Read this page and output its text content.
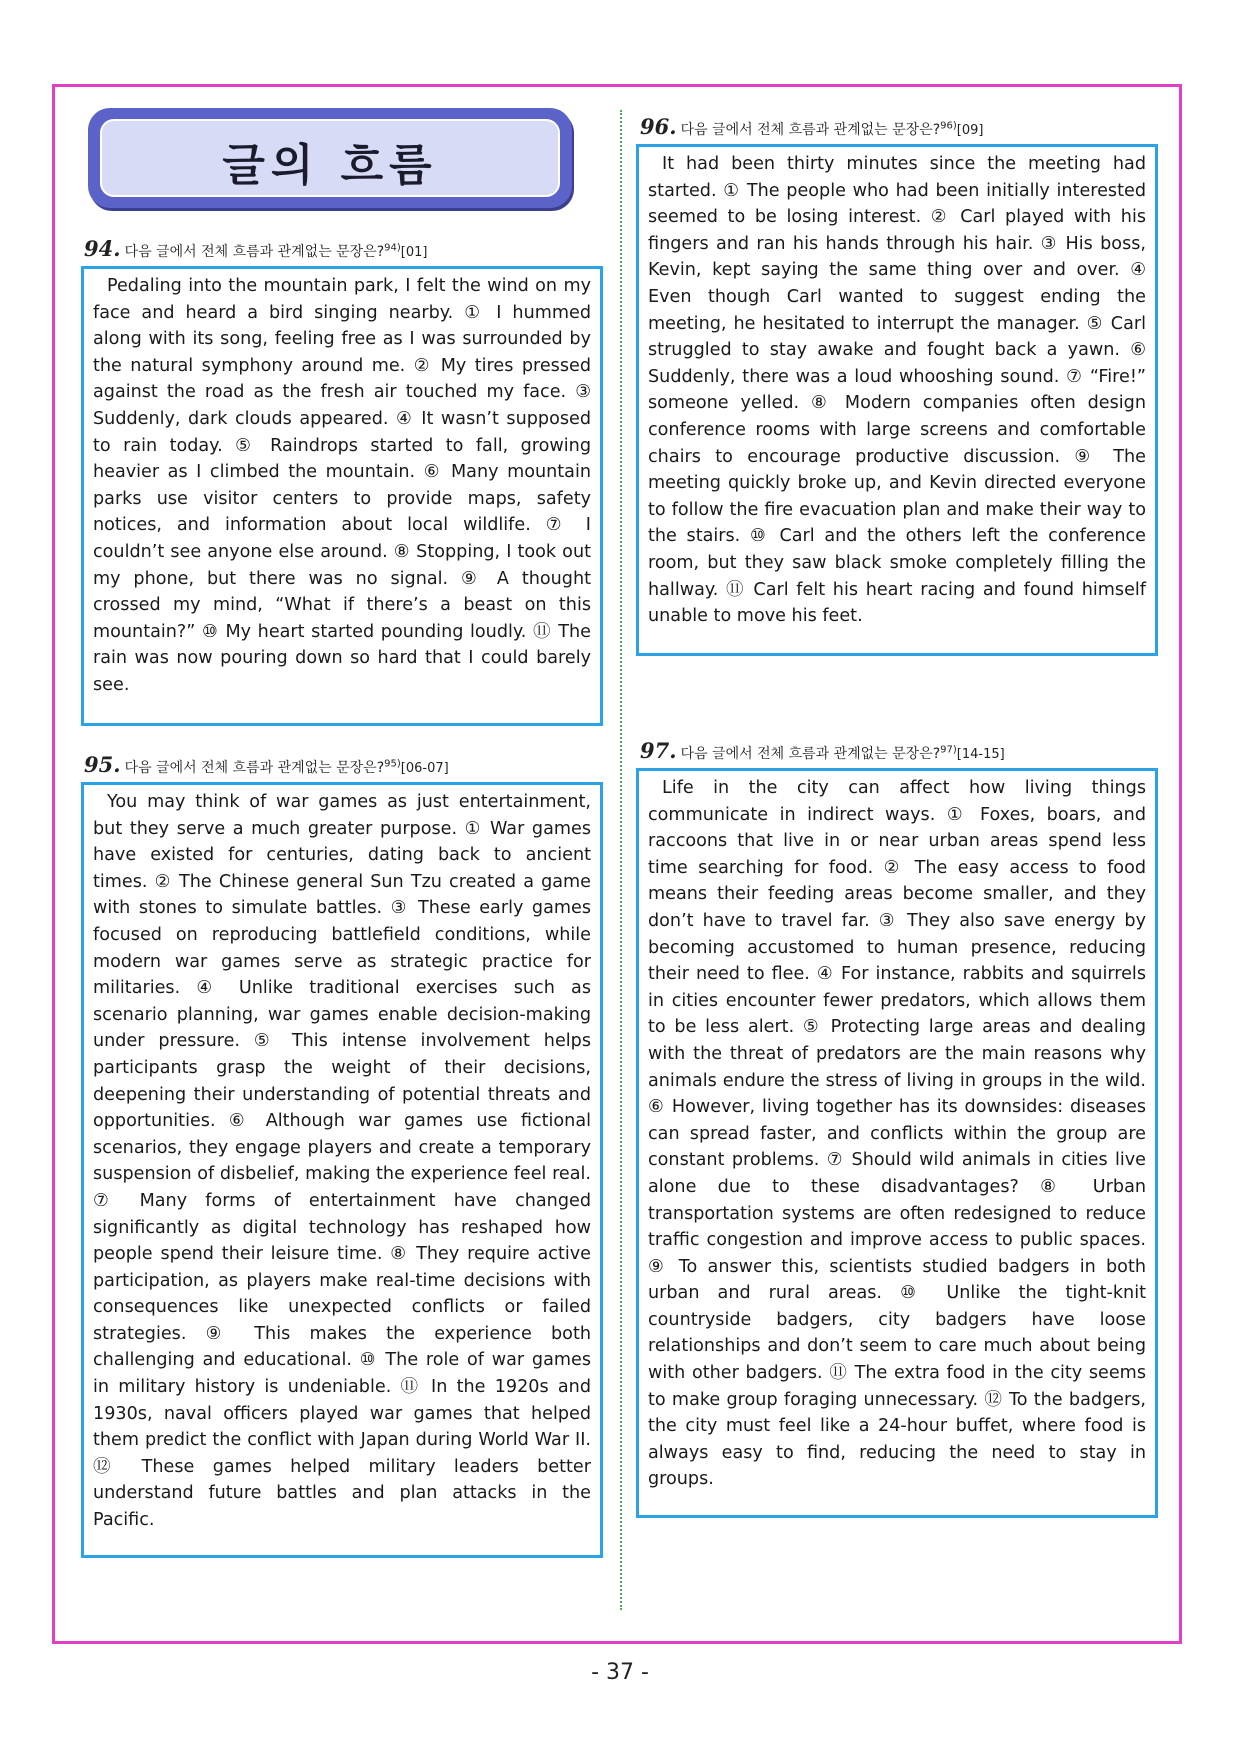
글의 흐름
94. 다음 글에서 전체 흐름과 관계없는 문장은?$^{94)}$[01]

Pedaling into the mountain park, I felt the wind on my face and heard a bird singing nearby. ① I hummed along with its song, feeling free as I was surrounded by the natural symphony around me. ② My tires pressed against the road as the fresh air touched my face. ③ Suddenly, dark clouds appeared. ④ It wasn’t supposed to rain today. ⑤ Raindrops started to fall, growing heavier as I climbed the mountain. ⑥ Many mountain parks use visitor centers to provide maps, safety notices, and information about local wildlife. ⑦ I couldn’t see anyone else around. ⑧ Stopping, I took out my phone, but there was no signal. ⑨ A thought crossed my mind, “What if there’s a beast on this mountain?” ⑩ My heart started pounding loudly. ⑪ The rain was now pouring down so hard that I could barely see.

95. 다음 글에서 전체 흐름과 관계없는 문장은?$^{95)}$[06-07]

You may think of war games as just entertainment, but they serve a much greater purpose. ① War games have existed for centuries, dating back to ancient times. ② The Chinese general Sun Tzu created a game with stones to simulate battles. ③ These early games focused on reproducing battlefield conditions, while modern war games serve as strategic practice for militaries. ④ Unlike traditional exercises such as scenario planning, war games enable decision-making under pressure. ⑤ This intense involvement helps participants grasp the weight of their decisions, deepening their understanding of potential threats and opportunities. ⑥ Although war games use fictional scenarios, they engage players and create a temporary suspension of disbelief, making the experience feel real. ⑦ Many forms of entertainment have changed significantly as digital technology has reshaped how people spend their leisure time. ⑧ They require active participation, as players make real-time decisions with consequences like unexpected conflicts or failed strategies. ⑨ This makes the experience both challenging and educational. ⑩ The role of war games in military history is undeniable. ⑪ In the 1920s and 1930s, naval officers played war games that helped them predict the conflict with Japan during World War II. ⑫ These games helped military leaders better understand future battles and plan attacks in the Pacific.

96. 다음 글에서 전체 흐름과 관계없는 문장은?$^{96)}$[09]

It had been thirty minutes since the meeting had started. ① The people who had been initially interested seemed to be losing interest. ② Carl played with his fingers and ran his hands through his hair. ③ His boss, Kevin, kept saying the same thing over and over. ④ Even though Carl wanted to suggest ending the meeting, he hesitated to interrupt the manager. ⑤ Carl struggled to stay awake and fought back a yawn. ⑥ Suddenly, there was a loud whooshing sound. ⑦ “Fire!” someone yelled. ⑧ Modern companies often design conference rooms with large screens and comfortable chairs to encourage productive discussion. ⑨ The meeting quickly broke up, and Kevin directed everyone to follow the fire evacuation plan and make their way to the stairs. ⑩ Carl and the others left the conference room, but they saw black smoke completely filling the hallway. ⑪ Carl felt his heart racing and found himself unable to move his feet.

97. 다음 글에서 전체 흐름과 관계없는 문장은?$^{97)}$[14-15]

Life in the city can affect how living things communicate in indirect ways. ① Foxes, boars, and raccoons that live in or near urban areas spend less time searching for food. ② The easy access to food means their feeding areas become smaller, and they don’t have to travel far. ③ They also save energy by becoming accustomed to human presence, reducing their need to flee. ④ For instance, rabbits and squirrels in cities encounter fewer predators, which allows them to be less alert. ⑤ Protecting large areas and dealing with the threat of predators are the main reasons why animals endure the stress of living in groups in the wild. ⑥ However, living together has its downsides: diseases can spread faster, and conflicts within the group are constant problems. ⑦ Should wild animals in cities live alone due to these disadvantages? ⑧ Urban transportation systems are often redesigned to reduce traffic congestion and improve access to public spaces. ⑨ To answer this, scientists studied badgers in both urban and rural areas. ⑩ Unlike the tight-knit countryside badgers, city badgers have loose relationships and don’t seem to care much about being with other badgers. ⑪ The extra food in the city seems to make group foraging unnecessary. ⑫ To the badgers, the city must feel like a 24-hour buffet, where food is always easy to find, reducing the need to stay in groups.

- 37 -
